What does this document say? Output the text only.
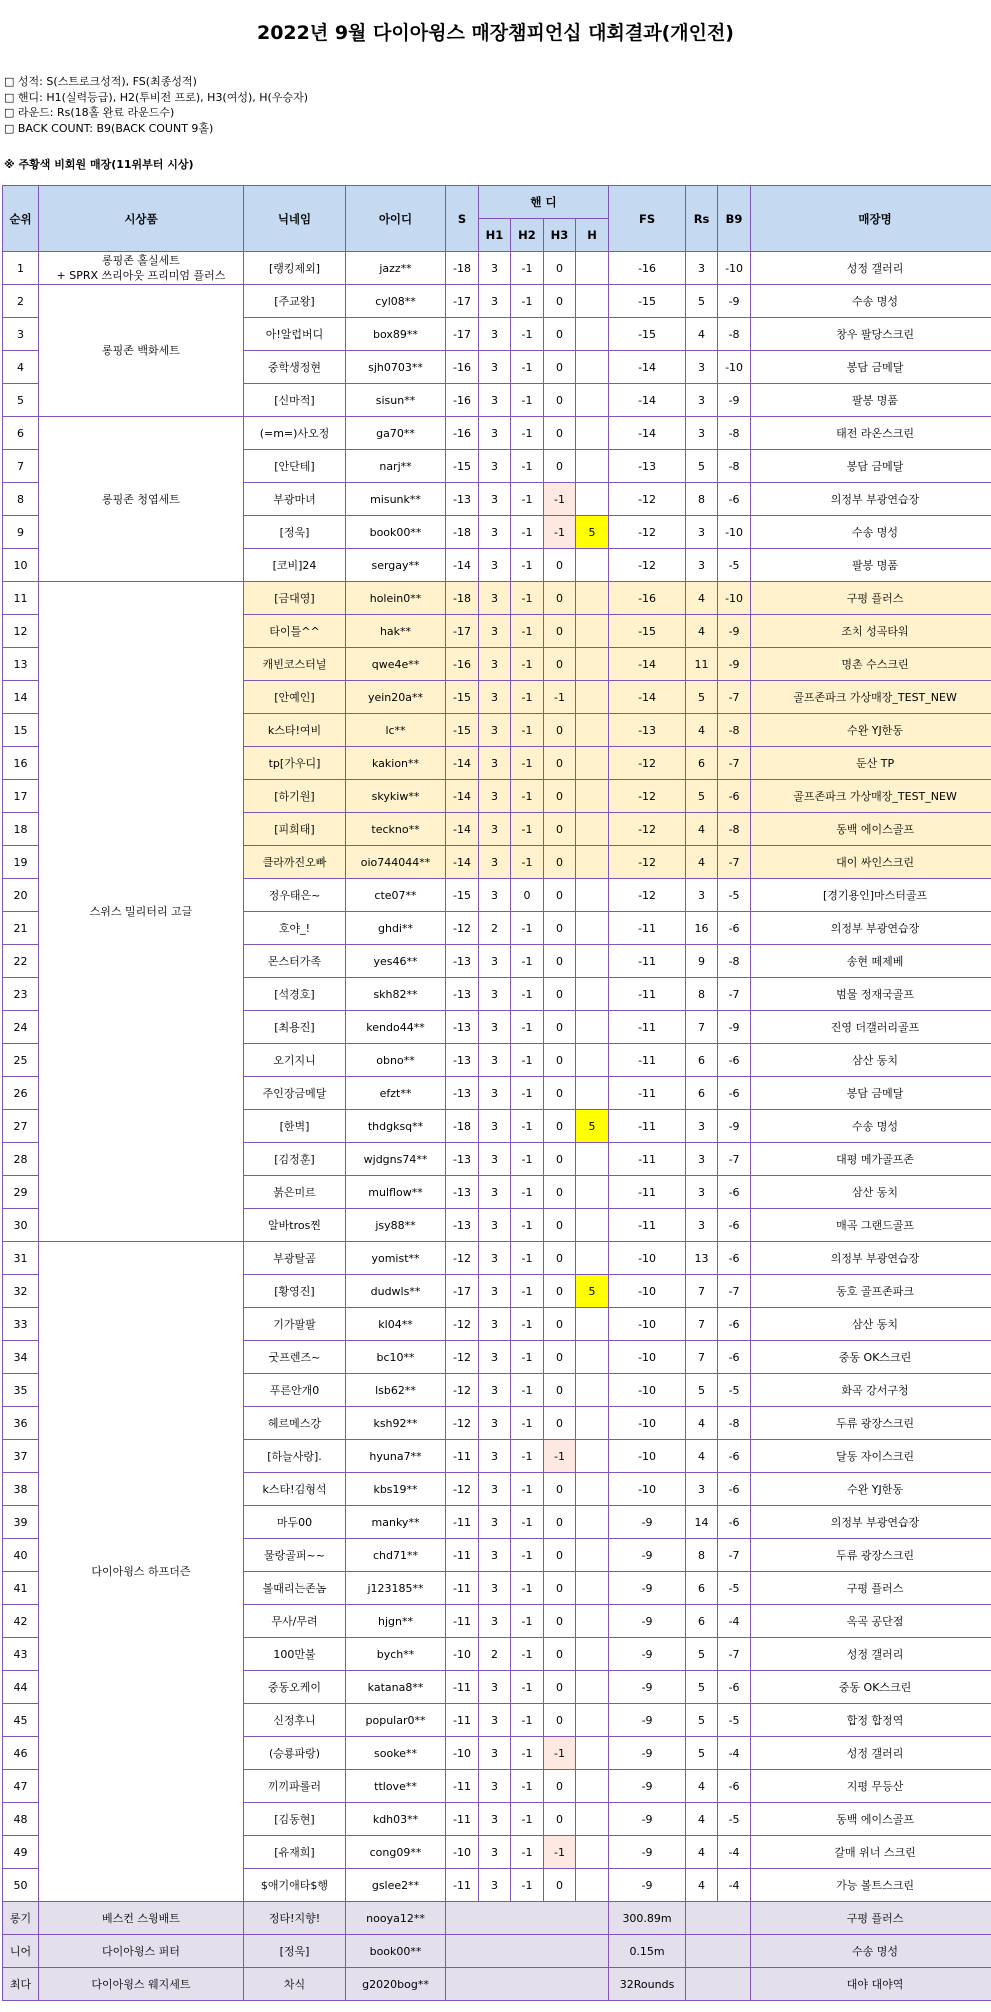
2022년 9월 다이아윙스 매장챔피언십 대회결과(개인전)
□ 성적: S(스트로크성적), FS(최종성적)
□ 핸디: H1(실력등급), H2(투비전 프로), H3(여성), H(우승자)
□ 라운드: Rs(18홀 완료 라운드수)
□ BACK COUNT: B9(BACK COUNT 9홀)
※ 주황색 비회원 매장(11위부터 시상)
순위	시상품	닉네임	아이디	S	핸 디				FS	Rs	B9	매장명
					H1	H2	H3	H				
1	롱핑존 홀실세트
+ SPRX 쓰리아웃 프리미엄 플러스	[랭킹제외]	jazz**	-18	3	-1	0		-16	3	-10	성정 갤러리
2	롱핑존 백화세트	[주교왕]	cyl08**	-17	3	-1	0		-15	5	-9	수송 명성
3		아!알럽버디	box89**	-17	3	-1	0		-15	4	-8	창우 팔당스크린
4		중학생정현	sjh0703**	-16	3	-1	0		-14	3	-10	봉담 금메달
5		[신마적]	sisun**	-16	3	-1	0		-14	3	-9	팔봉 명품
6	롱핑존 청엽세트	(=m=)사오정	ga70**	-16	3	-1	0		-14	3	-8	태전 라온스크린
7		[안단테]	narj**	-15	3	-1	0		-13	5	-8	봉담 금메달
8		부광마녀	misunk**	-13	3	-1	-1		-12	8	-6	의정부 부광연습장
9		[정욱]	book00**	-18	3	-1	-1	5	-12	3	-10	수송 명성
10		[코비]24	sergay**	-14	3	-1	0		-12	3	-5	팔봉 명품
11	스위스 밀리터리 고글	[금대영]	holein0**	-18	3	-1	0		-16	4	-10	구평 플러스
12		타이틀^^	hak**	-17	3	-1	0		-15	4	-9	조치 성곡타워
13		캐빈코스터널	qwe4e**	-16	3	-1	0		-14	11	-9	명촌 수스크린
14		[안예인]	yein20a**	-15	3	-1	-1		-14	5	-7	골프존파크 가상매장_TEST_NEW
15		k스타!여비	lc**	-15	3	-1	0		-13	4	-8	수완 YJ한동
16		tp[가우디]	kakion**	-14	3	-1	0		-12	6	-7	둔산 TP
17		[하기원]	skykiw**	-14	3	-1	0		-12	5	-6	골프존파크 가상매장_TEST_NEW
18		[피희태]	teckno**	-14	3	-1	0		-12	4	-8	동백 에이스골프
19		클라까진오빠	oio744044**	-14	3	-1	0		-12	4	-7	대이 싸인스크린
20		정우태은~	cte07**	-15	3	0	0		-12	3	-5	[경기용인]마스터골프
21		호야_!	ghdi**	-12	2	-1	0		-11	16	-6	의정부 부광연습장
22		몬스터가족	yes46**	-13	3	-1	0		-11	9	-8	송현 떼제베
23		[석경호]	skh82**	-13	3	-1	0		-11	8	-7	범물 정재국골프
24		[최용진]	kendo44**	-13	3	-1	0		-11	7	-9	진영 더갤러리골프
25		오기지니	obno**	-13	3	-1	0		-11	6	-6	삼산 동치
26		주인장금메달	efzt**	-13	3	-1	0		-11	6	-6	봉담 금메달
27		[한벽]	thdgksq**	-18	3	-1	0	5	-11	3	-9	수송 명성
28		[김정훈]	wjdgns74**	-13	3	-1	0		-11	3	-7	대평 메가골프존
29		붉은미르	mulflow**	-13	3	-1	0		-11	3	-6	삼산 동치
30		알바tros찐	jsy88**	-13	3	-1	0		-11	3	-6	매곡 그랜드골프
31	다이아윙스 하프더즌	부광탈곰	yomist**	-12	3	-1	0		-10	13	-6	의정부 부광연습장
32		[황영진]	dudwls**	-17	3	-1	0	5	-10	7	-7	동호 골프존파크
33		기가팔팔	kl04**	-12	3	-1	0		-10	7	-6	삼산 동치
34		굿프렌즈~	bc10**	-12	3	-1	0		-10	7	-6	중동 OK스크린
35		푸른안개0	lsb62**	-12	3	-1	0		-10	5	-5	화곡 강서구청
36		헤르메스강	ksh92**	-12	3	-1	0		-10	4	-8	두류 광장스크린
37		[하늘사랑].	hyuna7**	-11	3	-1	-1		-10	4	-6	달동 자이스크린
38		k스타!김형석	kbs19**	-12	3	-1	0		-10	3	-6	수완 YJ한동
39		마두00	manky**	-11	3	-1	0		-9	14	-6	의정부 부광연습장
40		물랑골퍼~~	chd71**	-11	3	-1	0		-9	8	-7	두류 광장스크린
41		볼때리는존놈	j123185**	-11	3	-1	0		-9	6	-5	구평 플러스
42		무사/무려	hjgn**	-11	3	-1	0		-9	6	-4	옥곡 공단점
43		100만불	bych**	-10	2	-1	0		-9	5	-7	성정 갤러리
44		중동오케이	katana8**	-11	3	-1	0		-9	5	-6	중동 OK스크린
45		신정후니	popular0**	-11	3	-1	0		-9	5	-5	합정 합정역
46		(승룡파랑)	sooke**	-10	3	-1	-1		-9	5	-4	성정 갤러리
47		끼끼파롤러	ttlove**	-11	3	-1	0		-9	4	-6	지평 무등산
48		[김동현]	kdh03**	-11	3	-1	0		-9	4	-5	동백 에이스골프
49		[유재희]	cong09**	-10	3	-1	-1		-9	4	-4	갈매 위너 스크린
50		$애기애타$행	gslee2**	-11	3	-1	0		-9	4	-4	가능 볼트스크린
롱기	베스컨 스윙배트	정타!지향!	nooya12**						300.89m			구평 플러스
니어	다이아윙스 퍼터	[정욱]	book00**						0.15m			수송 명성
최다	다이아윙스 웨지세트	차식	g2020bog**						32Rounds			대야 대야역
